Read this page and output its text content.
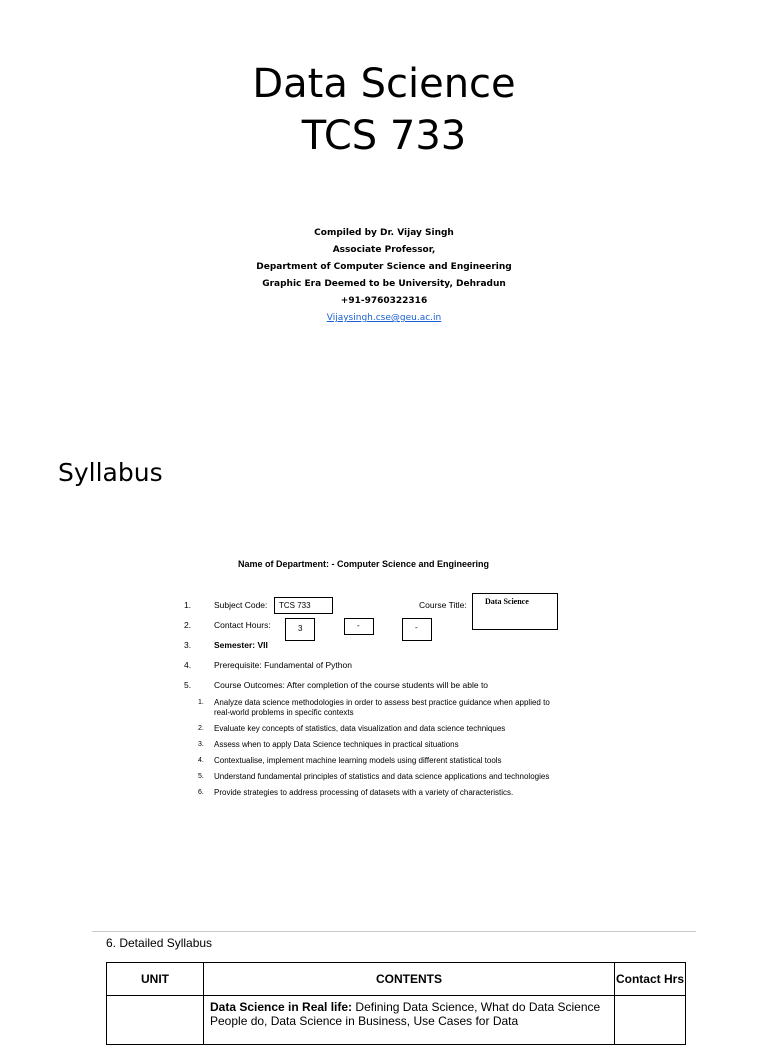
Data Science
TCS 733
Compiled by Dr. Vijay Singh
Associate Professor,
Department of Computer Science and Engineering
Graphic Era Deemed to be University, Dehradun
+91-9760322316
Vijaysingh.cse@geu.ac.in
Syllabus
Name of Department: - Computer Science and Engineering
1.	Subject Code:	TCS 733	Course Title:	Data Science
2.	Contact Hours:	3	-	-
3.	Semester: VII
4.	Prerequisite: Fundamental of Python
5.	Course Outcomes: After completion of the course students will be able to
1. Analyze data science methodologies in order to assess best practice guidance when applied to real-world problems in specific contexts
2. Evaluate key concepts of statistics, data visualization and data science techniques
3. Assess when to apply Data Science techniques in practical situations
4. Contextualise, implement machine learning models using different statistical tools
5. Understand fundamental principles of statistics and data science applications and technologies
6. Provide strategies to address processing of datasets with a variety of characteristics.
6. Detailed Syllabus
UNIT	CONTENTS	Contact Hrs
	Data Science in Real life: Defining Data Science, What do Data Science People do, Data Science in Business, Use Cases for Data	
